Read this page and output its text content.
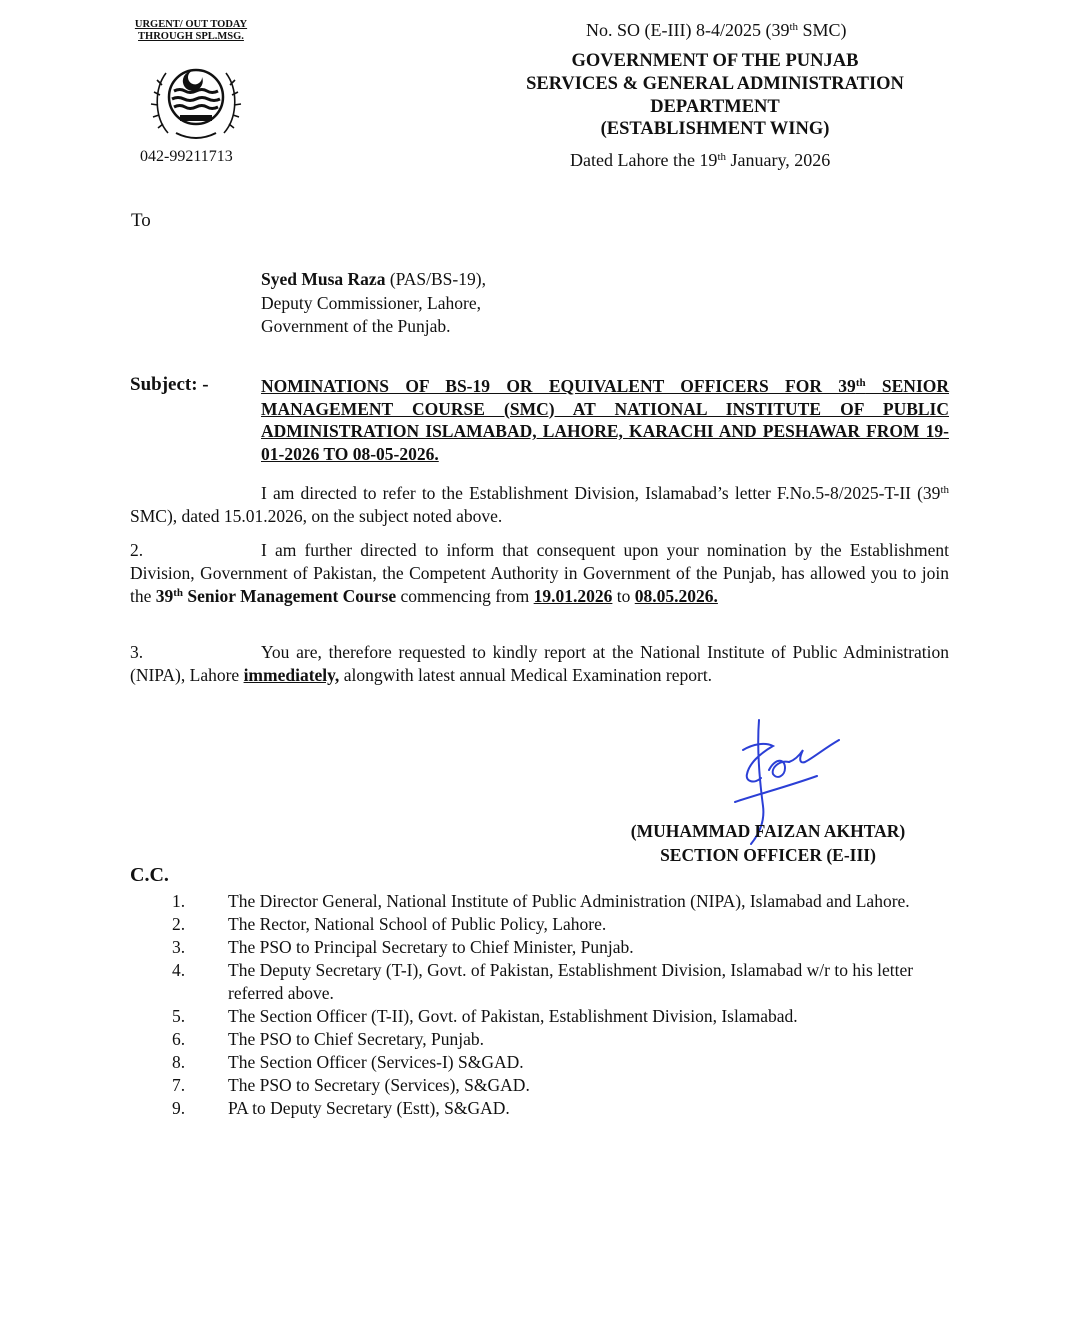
URGENT/ OUT TODAY
THROUGH SPL.MSG.
042-99211713
No. SO (E-III) 8-4/2025 (39th SMC)
GOVERNMENT OF THE PUNJAB
SERVICES & GENERAL ADMINISTRATION
DEPARTMENT
(ESTABLISHMENT WING)
Dated Lahore the 19th January, 2026
To
Syed Musa Raza (PAS/BS-19),
Deputy Commissioner, Lahore,
Government of the Punjab.
Subject: -	NOMINATIONS OF BS-19 OR EQUIVALENT OFFICERS FOR 39th SENIOR MANAGEMENT COURSE (SMC) AT NATIONAL INSTITUTE OF PUBLIC ADMINISTRATION ISLAMABAD, LAHORE, KARACHI AND PESHAWAR FROM 19-01-2026 TO 08-05-2026.
I am directed to refer to the Establishment Division, Islamabad’s letter F.No.5-8/2025-T-II (39th SMC), dated 15.01.2026, on the subject noted above.
2.	I am further directed to inform that consequent upon your nomination by the Establishment Division, Government of Pakistan, the Competent Authority in Government of the Punjab, has allowed you to join the 39th Senior Management Course commencing from 19.01.2026 to 08.05.2026.
3.	You are, therefore requested to kindly report at the National Institute of Public Administration (NIPA), Lahore immediately, alongwith latest annual Medical Examination report.
(MUHAMMAD FAIZAN AKHTAR)
SECTION OFFICER (E-III)
C.C.
1.	The Director General, National Institute of Public Administration (NIPA), Islamabad and Lahore.
2.	The Rector, National School of Public Policy, Lahore.
3.	The PSO to Principal Secretary to Chief Minister, Punjab.
4.	The Deputy Secretary (T-I), Govt. of Pakistan, Establishment Division, Islamabad w/r to his letter referred above.
5.	The Section Officer (T-II), Govt. of Pakistan, Establishment Division, Islamabad.
6.	The PSO to Chief Secretary, Punjab.
8.	The Section Officer (Services-I) S&GAD.
7.	The PSO to Secretary (Services), S&GAD.
9.	PA to Deputy Secretary (Estt), S&GAD.
